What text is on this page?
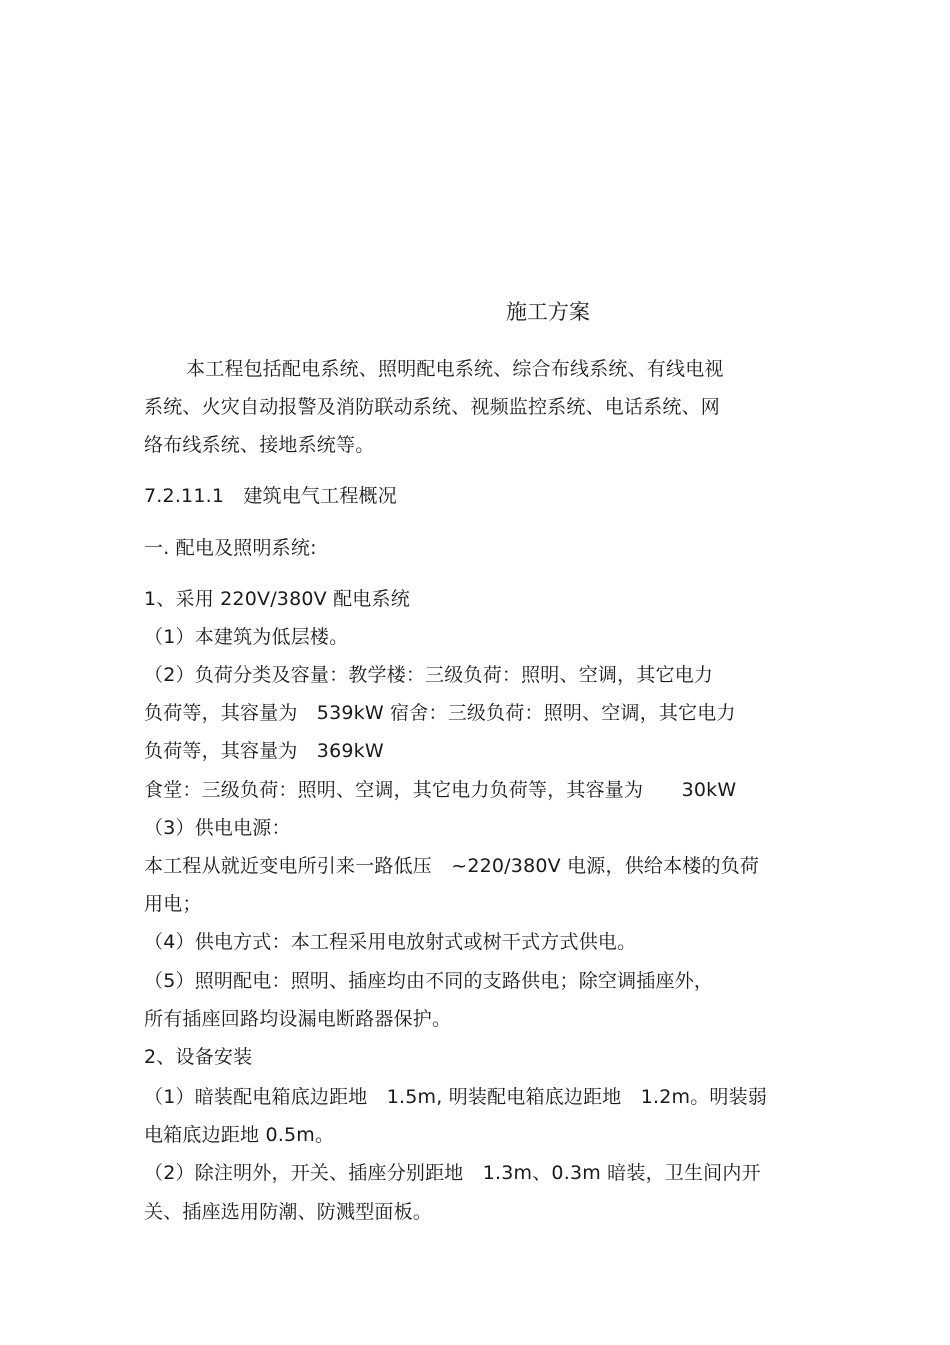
施工方案
本工程包括配电系统、照明配电系统、综合布线系统、有线电视
系统、火灾自动报警及消防联动系统、视频监控系统、电话系统、网
络布线系统、接地系统等。
7.2.11.1　建筑电气工程概况
一. 配电及照明系统:
1、采用 220V/380V 配电系统
（1）本建筑为低层楼。
（2）负荷分类及容量：教学楼：三级负荷：照明、空调，其它电力
负荷等，其容量为　539kW 宿舍：三级负荷：照明、空调，其它电力
负荷等，其容量为　369kW
食堂：三级负荷：照明、空调，其它电力负荷等，其容量为　　30kW
（3）供电电源：
本工程从就近变电所引来一路低压　~220/380V 电源，供给本楼的负荷
用电；
（4）供电方式：本工程采用电放射式或树干式方式供电。
（5）照明配电：照明、插座均由不同的支路供电；除空调插座外，
所有插座回路均设漏电断路器保护。
2、设备安装
（1）暗装配电箱底边距地　1.5m, 明装配电箱底边距地　1.2m。明装弱
电箱底边距地 0.5m。
（2）除注明外，开关、插座分别距地　1.3m、0.3m 暗装，卫生间内开
关、插座选用防潮、防溅型面板。
